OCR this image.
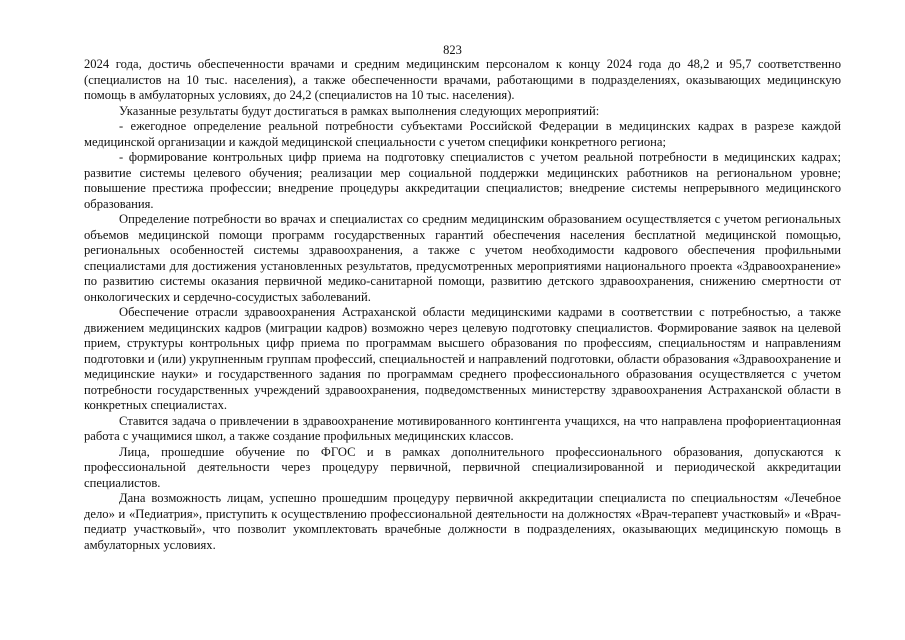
823

2024 года, достичь обеспеченности врачами и средним медицинским персоналом к концу 2024 года до 48,2 и 95,7 соответственно (специалистов на 10 тыс. населения), а также обеспеченности врачами, работающими в подразделениях, оказывающих медицинскую помощь в амбулаторных условиях, до 24,2 (специалистов на 10 тыс. населения).

Указанные результаты будут достигаться в рамках выполнения следующих мероприятий:

- ежегодное определение реальной потребности субъектами Российской Федерации в медицинских кадрах в разрезе каждой медицинской организации и каждой медицинской специальности с учетом специфики конкретного региона;

- формирование контрольных цифр приема на подготовку специалистов с учетом реальной потребности в медицинских кадрах; развитие системы целевого обучения; реализации мер социальной поддержки медицинских работников на региональном уровне; повышение престижа профессии; внедрение процедуры аккредитации специалистов; внедрение системы непрерывного медицинского образования.

Определение потребности во врачах и специалистах со средним медицинским образованием осуществляется с учетом региональных объемов медицинской помощи программ государственных гарантий обеспечения населения бесплатной медицинской помощью, региональных особенностей системы здравоохранения, а также с учетом необходимости кадрового обеспечения профильными специалистами для достижения установленных результатов, предусмотренных мероприятиями национального проекта «Здравоохранение» по развитию системы оказания первичной медико-санитарной помощи, развитию детского здравоохранения, снижению смертности от онкологических и сердечно-сосудистых заболеваний.

Обеспечение отрасли здравоохранения Астраханской области медицинскими кадрами в соответствии с потребностью, а также движением медицинских кадров (миграции кадров) возможно через целевую подготовку специалистов. Формирование заявок на целевой прием, структуры контрольных цифр приема по программам высшего образования по профессиям, специальностям и направлениям подготовки и (или) укрупненным группам профессий, специальностей и направлений подготовки, области образования «Здравоохранение и медицинские науки» и государственного задания по программам среднего профессионального образования осуществляется с учетом потребности государственных учреждений здравоохранения, подведомственных министерству здравоохранения Астраханской области в конкретных специалистах.

Ставится задача о привлечении в здравоохранение мотивированного контингента учащихся, на что направлена профориентационная работа с учащимися школ, а также создание профильных медицинских классов.

Лица, прошедшие обучение по ФГОС и в рамках дополнительного профессионального образования, допускаются к профессиональной деятельности через процедуру первичной, первичной специализированной и периодической аккредитации специалистов.

Дана возможность лицам, успешно прошедшим процедуру первичной аккредитации специалиста по специальностям «Лечебное дело» и «Педиатрия», приступить к осуществлению профессиональной деятельности на должностях «Врач-терапевт участковый» и «Врач-педиатр участковый», что позволит укомплектовать врачебные должности в подразделениях, оказывающих медицинскую помощь в амбулаторных условиях.
